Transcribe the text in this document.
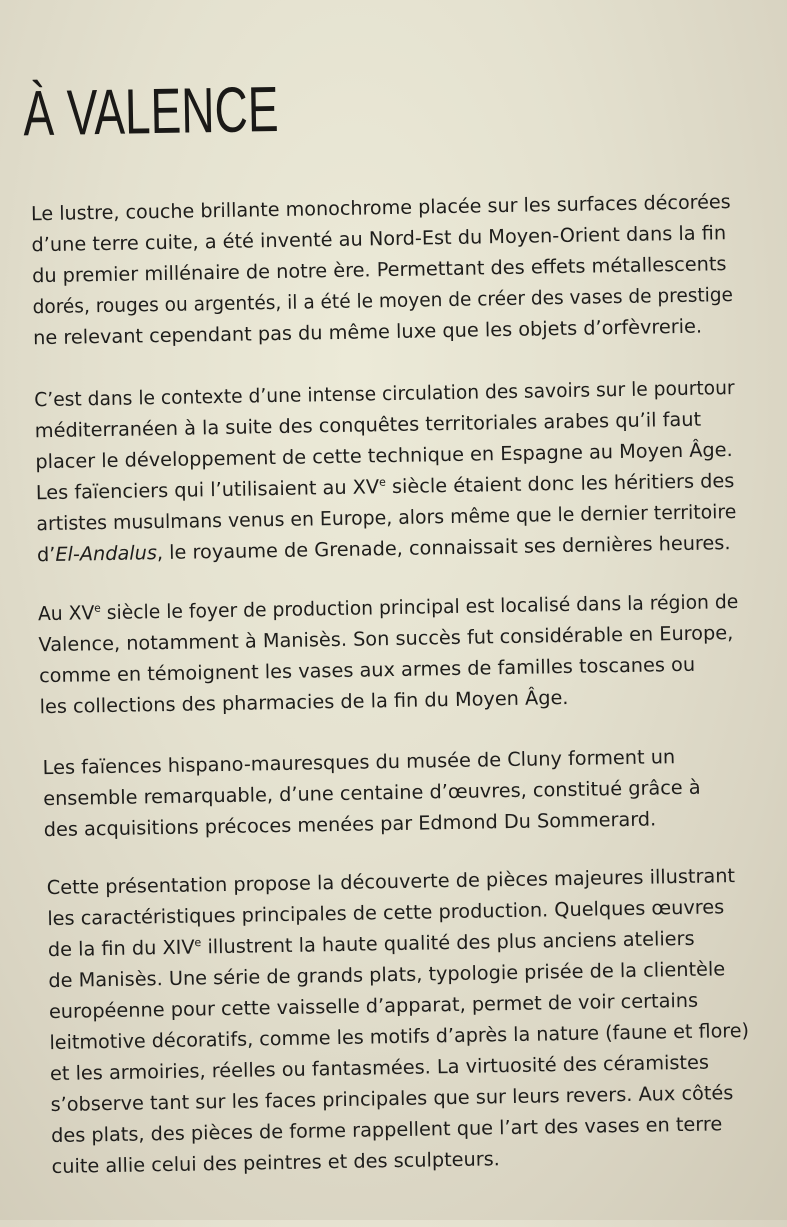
À VALENCE

Le lustre, couche brillante monochrome placée sur les surfaces décorées
d’une terre cuite, a été inventé au Nord-Est du Moyen-Orient dans la fin
du premier millénaire de notre ère. Permettant des effets métallescents
dorés, rouges ou argentés, il a été le moyen de créer des vases de prestige
ne relevant cependant pas du même luxe que les objets d’orfèvrerie.

C’est dans le contexte d’une intense circulation des savoirs sur le pourtour
méditerranéen à la suite des conquêtes territoriales arabes qu’il faut
placer le développement de cette technique en Espagne au Moyen Âge.
Les faïenciers qui l’utilisaient au XVe siècle étaient donc les héritiers des
artistes musulmans venus en Europe, alors même que le dernier territoire
d’El-Andalus, le royaume de Grenade, connaissait ses dernières heures.

Au XVe siècle le foyer de production principal est localisé dans la région de
Valence, notamment à Manisès. Son succès fut considérable en Europe,
comme en témoignent les vases aux armes de familles toscanes ou
les collections des pharmacies de la fin du Moyen Âge.

Les faïences hispano-mauresques du musée de Cluny forment un
ensemble remarquable, d’une centaine d’œuvres, constitué grâce à
des acquisitions précoces menées par Edmond Du Sommerard.

Cette présentation propose la découverte de pièces majeures illustrant
les caractéristiques principales de cette production. Quelques œuvres
de la fin du XIVe illustrent la haute qualité des plus anciens ateliers
de Manisès. Une série de grands plats, typologie prisée de la clientèle
européenne pour cette vaisselle d’apparat, permet de voir certains
leitmotive décoratifs, comme les motifs d’après la nature (faune et flore)
et les armoiries, réelles ou fantasmées. La virtuosité des céramistes
s’observe tant sur les faces principales que sur leurs revers. Aux côtés
des plats, des pièces de forme rappellent que l’art des vases en terre
cuite allie celui des peintres et des sculpteurs.
